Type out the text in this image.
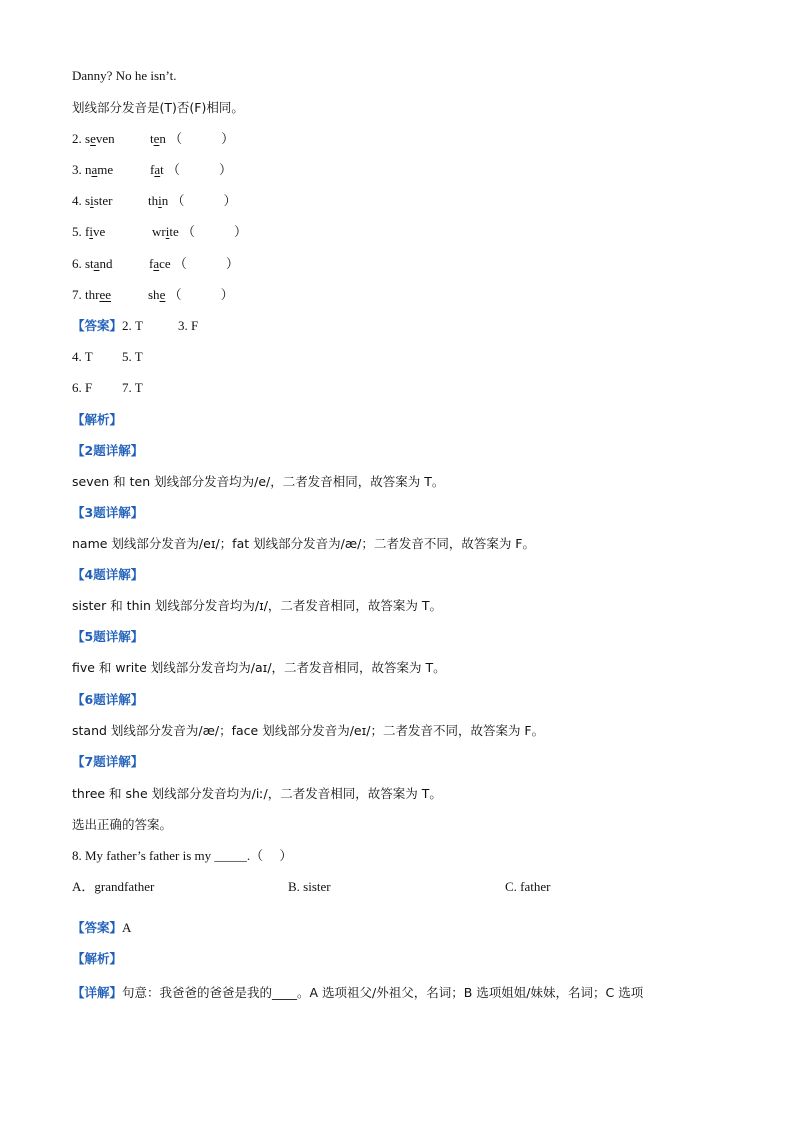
Danny? No he isn’t.
划线部分发音是(T)否(F)相同。
2. seven	ten （　　　）
3. name	fat （　　　）
4. sister	thin （　　　）
5. five	write （　　　）
6. stand	face （　　　）
7. three	she （　　　）
【答案】2. T	3. F
4. T 5. T
6. F 7. T
【解析】
【2题详解】
seven 和 ten 划线部分发音均为/e/，二者发音相同，故答案为 T。
【3题详解】
name 划线部分发音为/eɪ/；fat 划线部分发音为/æ/；二者发音不同，故答案为 F。
【4题详解】
sister 和 thin 划线部分发音均为/ɪ/，二者发音相同，故答案为 T。
【5题详解】
five 和 write 划线部分发音均为/aɪ/，二者发音相同，故答案为 T。
【6题详解】
stand 划线部分发音为/æ/；face 划线部分发音为/eɪ/；二者发音不同，故答案为 F。
【7题详解】
three 和 she 划线部分发音均为/iː/，二者发音相同，故答案为 T。
选出正确的答案。
8. My father’s father is my _____.（　 ）
A．grandfather	B. sister	C. father
【答案】A
【解析】
【详解】句意：我爸爸的爸爸是我的____。A 选项祖父/外祖父，名词；B 选项姐姐/妹妹，名词；C 选项
